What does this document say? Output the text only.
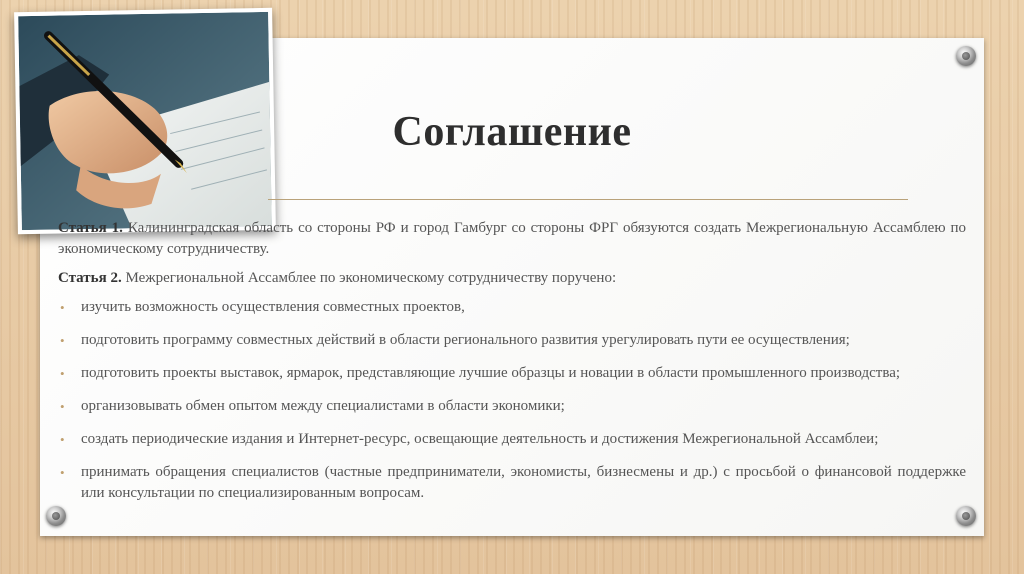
Соглашение

Статья 1. Калининградская область со стороны РФ и город Гамбург со стороны ФРГ обязуются создать Межрегиональную Ассамблею по экономическому сотрудничеству.

Статья 2. Межрегиональной Ассамблее по экономическому сотрудничеству поручено:

• изучить возможность осуществления совместных проектов,
• подготовить программу совместных действий в области регионального развития урегулировать пути ее осуществления;
• подготовить проекты выставок, ярмарок, представляющие лучшие образцы и новации в области промышленного производства;
• организовывать обмен опытом между специалистами в области экономики;
• создать периодические издания и Интернет-ресурс, освещающие деятельность и достижения Межрегиональной Ассамблеи;
• принимать обращения специалистов (частные предприниматели, экономисты, бизнесмены и др.) с просьбой о финансовой поддержке или консультации по специализированным вопросам.
